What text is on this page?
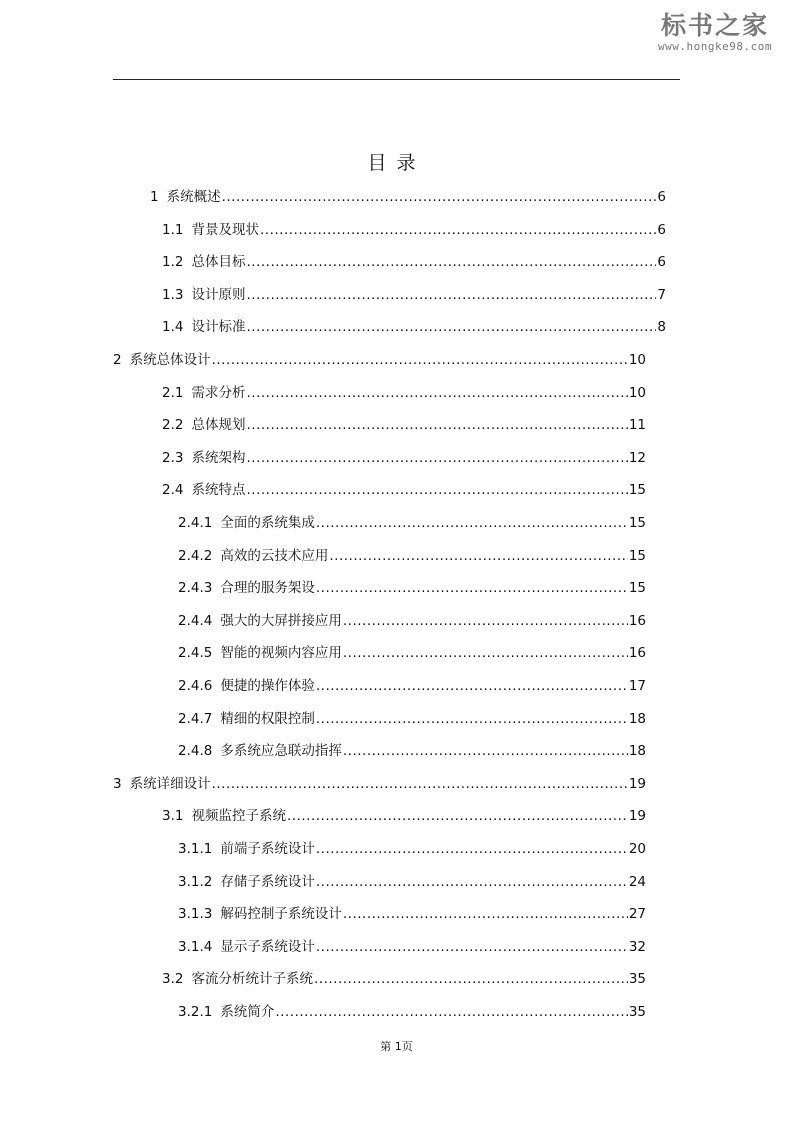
标书之家
www.hongke98.com
目录
1 系统概述 .....	6
1.1 背景及现状 .....	6
1.2 总体目标 .....	6
1.3 设计原则 .....	7
1.4 设计标准 .....	8
2 系统总体设计 .....	10
2.1 需求分析 .....	10
2.2 总体规划 .....	11
2.3 系统架构 .....	12
2.4 系统特点 .....	15
2.4.1 全面的系统集成 .....	15
2.4.2 高效的云技术应用 .....	15
2.4.3 合理的服务架设 .....	15
2.4.4 强大的大屏拼接应用 .....	16
2.4.5 智能的视频内容应用 .....	16
2.4.6 便捷的操作体验 .....	17
2.4.7 精细的权限控制 .....	18
2.4.8 多系统应急联动指挥 .....	18
3 系统详细设计 .....	19
3.1 视频监控子系统 .....	19
3.1.1 前端子系统设计 .....	20
3.1.2 存储子系统设计 .....	24
3.1.3 解码控制子系统设计 .....	27
3.1.4 显示子系统设计 .....	32
3.2 客流分析统计子系统 .....	35
3.2.1 系统简介 .....	35
第 1页
